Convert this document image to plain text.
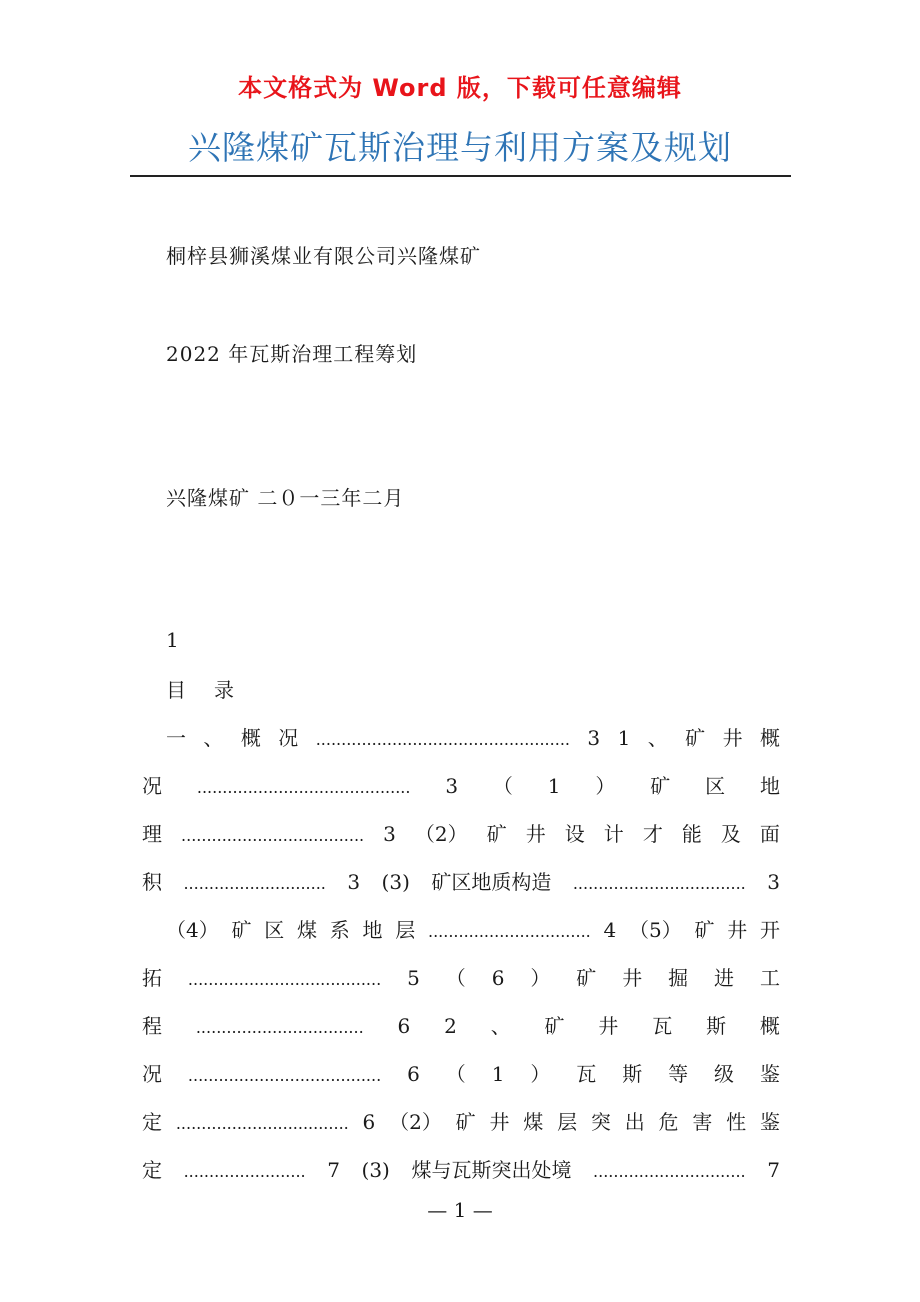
本文格式为 Word 版，下载可任意编辑
兴隆煤矿瓦斯治理与利用方案及规划
桐梓县狮溪煤业有限公司兴隆煤矿
2022 年瓦斯治理工程筹划
兴隆煤矿 二０一三年二月
1
目　录
一 、 概 况 .................................................. 3 1 、 矿 井 概
况 .......................................... 3 （ 1 ） 矿 区 地
理 .................................... 3 （2） 矿 井 设 计 才 能 及 面
积 ............................ 3 (3) 矿区地质构造 .................................. 3
（4） 矿 区 煤 系 地 层 ................................ 4 （5） 矿 井 开
拓 ...................................... 5 （ 6 ） 矿 井 掘 进 工
程 ................................. 6 2 、 矿 井 瓦 斯 概
况 ...................................... 6 （ 1 ） 瓦 斯 等 级 鉴
定 .................................. 6 （2） 矿 井 煤 层 突 出 危 害 性 鉴
定 ........................ 7 (3) 煤与瓦斯突出处境 .............................. 7
— 1 —
